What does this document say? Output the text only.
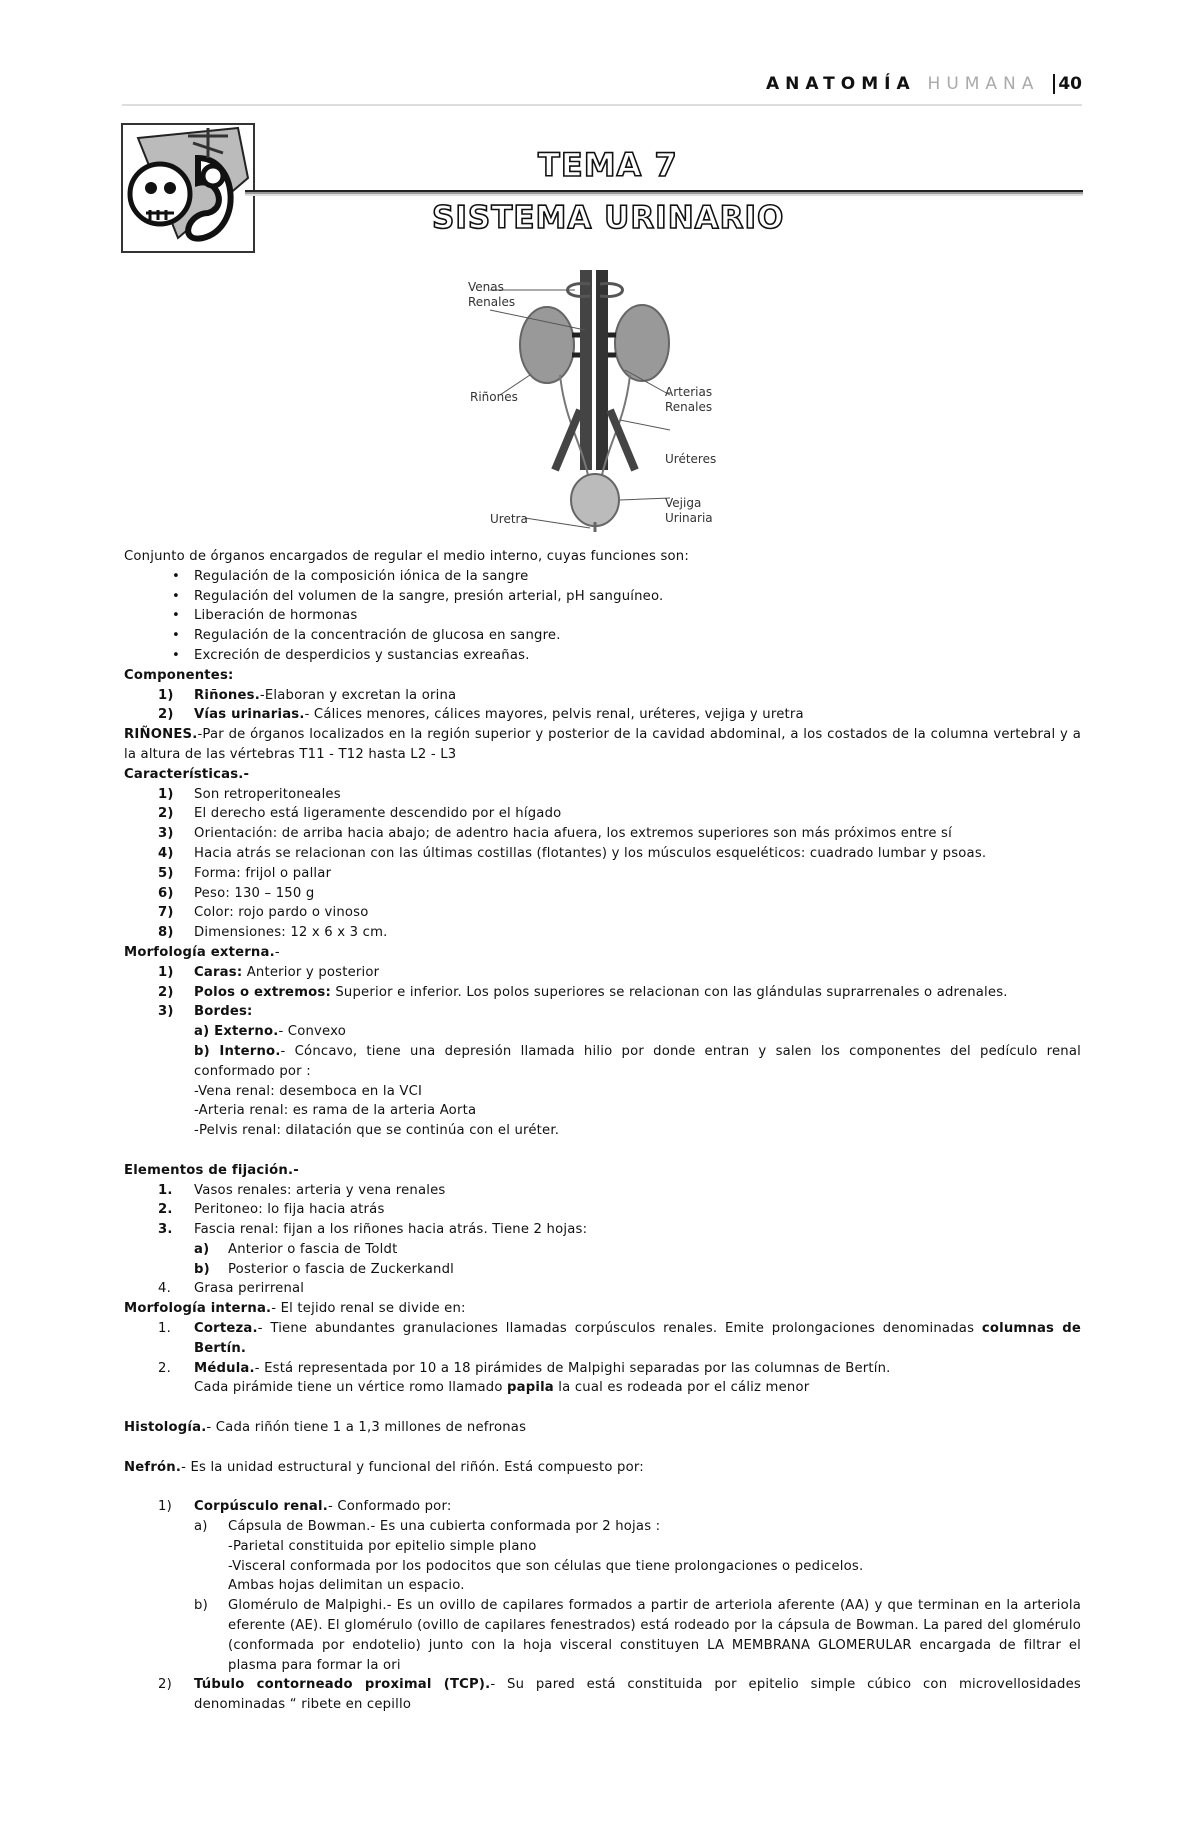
ANATOMÍA HUMANA 40
TEMA 7
SISTEMA URINARIO
Venas
Renales
Riñones	Arterias
Renales
Uréteres
Vejiga
Urinaria
Uretra

Conjunto de órganos encargados de regular el medio interno, cuyas funciones son:

• Regulación de la composición iónica de la sangre
• Regulación del volumen de la sangre, presión arterial, pH sanguíneo.
• Liberación de hormonas
• Regulación de la concentración de glucosa en sangre.
• Excreción de desperdicios y sustancias exreañas.

Componentes:

1) Riñones.-Elaboran y excretan la orina
2) Vías urinarias.- Cálices menores, cálices mayores, pelvis renal, uréteres, vejiga y uretra

RIÑONES.-Par de órganos localizados en la región superior y posterior de la cavidad abdominal, a los costados de la columna vertebral y a la altura de las vértebras T11 - T12 hasta L2 - L3

Características.-

1) Son retroperitoneales
2) El derecho está ligeramente descendido por el hígado
3) Orientación: de arriba hacia abajo; de adentro hacia afuera, los extremos superiores son más próximos entre sí
4) Hacia atrás se relacionan con las últimas costillas (flotantes) y los músculos esqueléticos: cuadrado lumbar y psoas.
5) Forma: frijol o pallar
6) Peso: 130 – 150 g
7) Color: rojo pardo o vinoso
8) Dimensiones: 12 x 6 x 3 cm.

Morfología externa.-

1) Caras: Anterior y posterior
2) Polos o extremos: Superior e inferior. Los polos superiores se relacionan con las glándulas suprarrenales o adrenales.
3) Bordes:
a) Externo.- Convexo
b) Interno.- Cóncavo, tiene una depresión llamada hilio por donde entran y salen los componentes del pedículo renal conformado por :
-Vena renal: desemboca en la VCI
-Arteria renal: es rama de la arteria Aorta
-Pelvis renal: dilatación que se continúa con el uréter.

Elementos de fijación.-

1. Vasos renales: arteria y vena renales
2. Peritoneo: lo fija hacia atrás
3. Fascia renal: fijan a los riñones hacia atrás. Tiene 2 hojas:
a) Anterior o fascia de Toldt
b) Posterior o fascia de Zuckerkandl
4. Grasa perirrenal

Morfología interna.- El tejido renal se divide en:

1. Corteza.- Tiene abundantes granulaciones llamadas corpúsculos renales. Emite prolongaciones denominadas columnas de Bertín.
2. Médula.- Está representada por 10 a 18 pirámides de Malpighi separadas por las columnas de Bertín.
Cada pirámide tiene un vértice romo llamado papila la cual es rodeada por el cáliz menor

Histología.- Cada riñón tiene 1 a 1,3 millones de nefronas

Nefrón.- Es la unidad estructural y funcional del riñón. Está compuesto por:

1) Corpúsculo renal.- Conformado por:
a) Cápsula de Bowman.- Es una cubierta conformada por 2 hojas :
-Parietal constituida por epitelio simple plano
-Visceral conformada por los podocitos que son células que tiene prolongaciones o pedicelos.
Ambas hojas delimitan un espacio.
b) Glomérulo de Malpighi.- Es un ovillo de capilares formados a partir de arteriola aferente (AA) y que terminan en la arteriola eferente (AE). El glomérulo (ovillo de capilares fenestrados) está rodeado por la cápsula de Bowman. La pared del glomérulo (conformada por endotelio) junto con la hoja visceral constituyen LA MEMBRANA GLOMERULAR encargada de filtrar el plasma para formar la ori
2) Túbulo contorneado proximal (TCP).- Su pared está constituida por epitelio simple cúbico con microvellosidades denominadas “ ribete en cepillo
